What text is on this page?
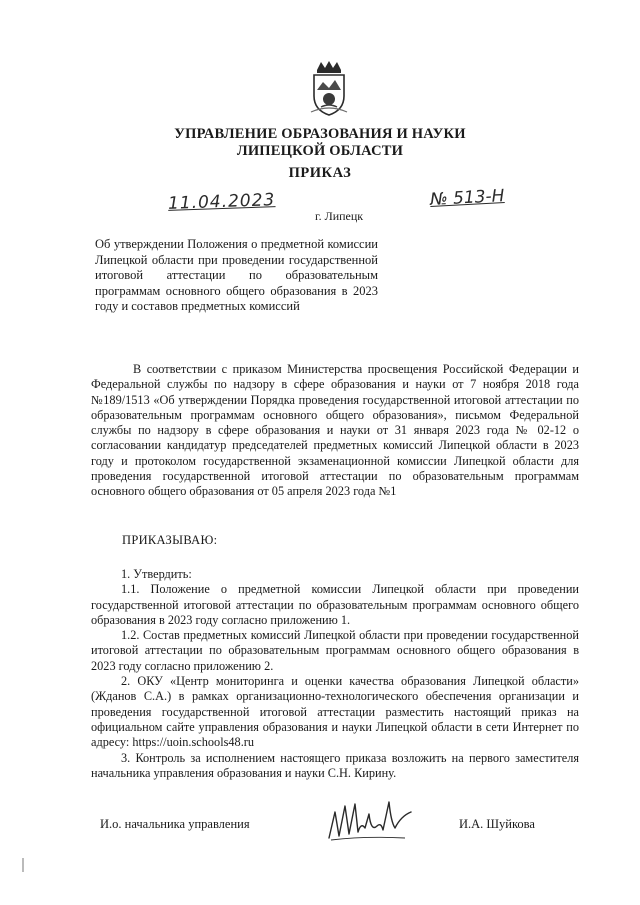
УПРАВЛЕНИЕ ОБРАЗОВАНИЯ И НАУКИ
ЛИПЕЦКОЙ ОБЛАСТИ
ПРИКАЗ
11.04.2023
г. Липецк
№ 513-Н
Об утверждении Положения о предметной комиссии Липецкой области при проведении государственной итоговой аттестации по образовательным программам основного общего образования в 2023 году и составов предметных комиссий
В соответствии с приказом Министерства просвещения Российской Федерации и Федеральной службы по надзору в сфере образования и науки от 7 ноября 2018 года №189/1513 «Об утверждении Порядка проведения государственной итоговой аттестации по образовательным программам основного общего образования», письмом Федеральной службы по надзору в сфере образования и науки от 31 января 2023 года № 02-12 о согласовании кандидатур председателей предметных комиссий Липецкой области в 2023 году и протоколом государственной экзаменационной комиссии Липецкой области для проведения государственной итоговой аттестации по образовательным программам основного общего образования от 05 апреля 2023 года №1
ПРИКАЗЫВАЮ:

1. Утвердить:

1.1. Положение о предметной комиссии Липецкой области при проведении государственной итоговой аттестации по образовательным программам основного общего образования в 2023 году согласно приложению 1.

1.2. Состав предметных комиссий Липецкой области при проведении государственной итоговой аттестации по образовательным программам основного общего образования в 2023 году согласно приложению 2.

2. ОКУ «Центр мониторинга и оценки качества образования Липецкой области» (Жданов С.А.) в рамках организационно-технологического обеспечения организации и проведения государственной итоговой аттестации разместить настоящий приказ на официальном сайте управления образования и науки Липецкой области в сети Интернет по адресу: https://uoin.schools48.ru

3. Контроль за исполнением настоящего приказа возложить на первого заместителя начальника управления образования и науки С.Н. Кирину.

И.о. начальника управления	И.А. Шуйкова
